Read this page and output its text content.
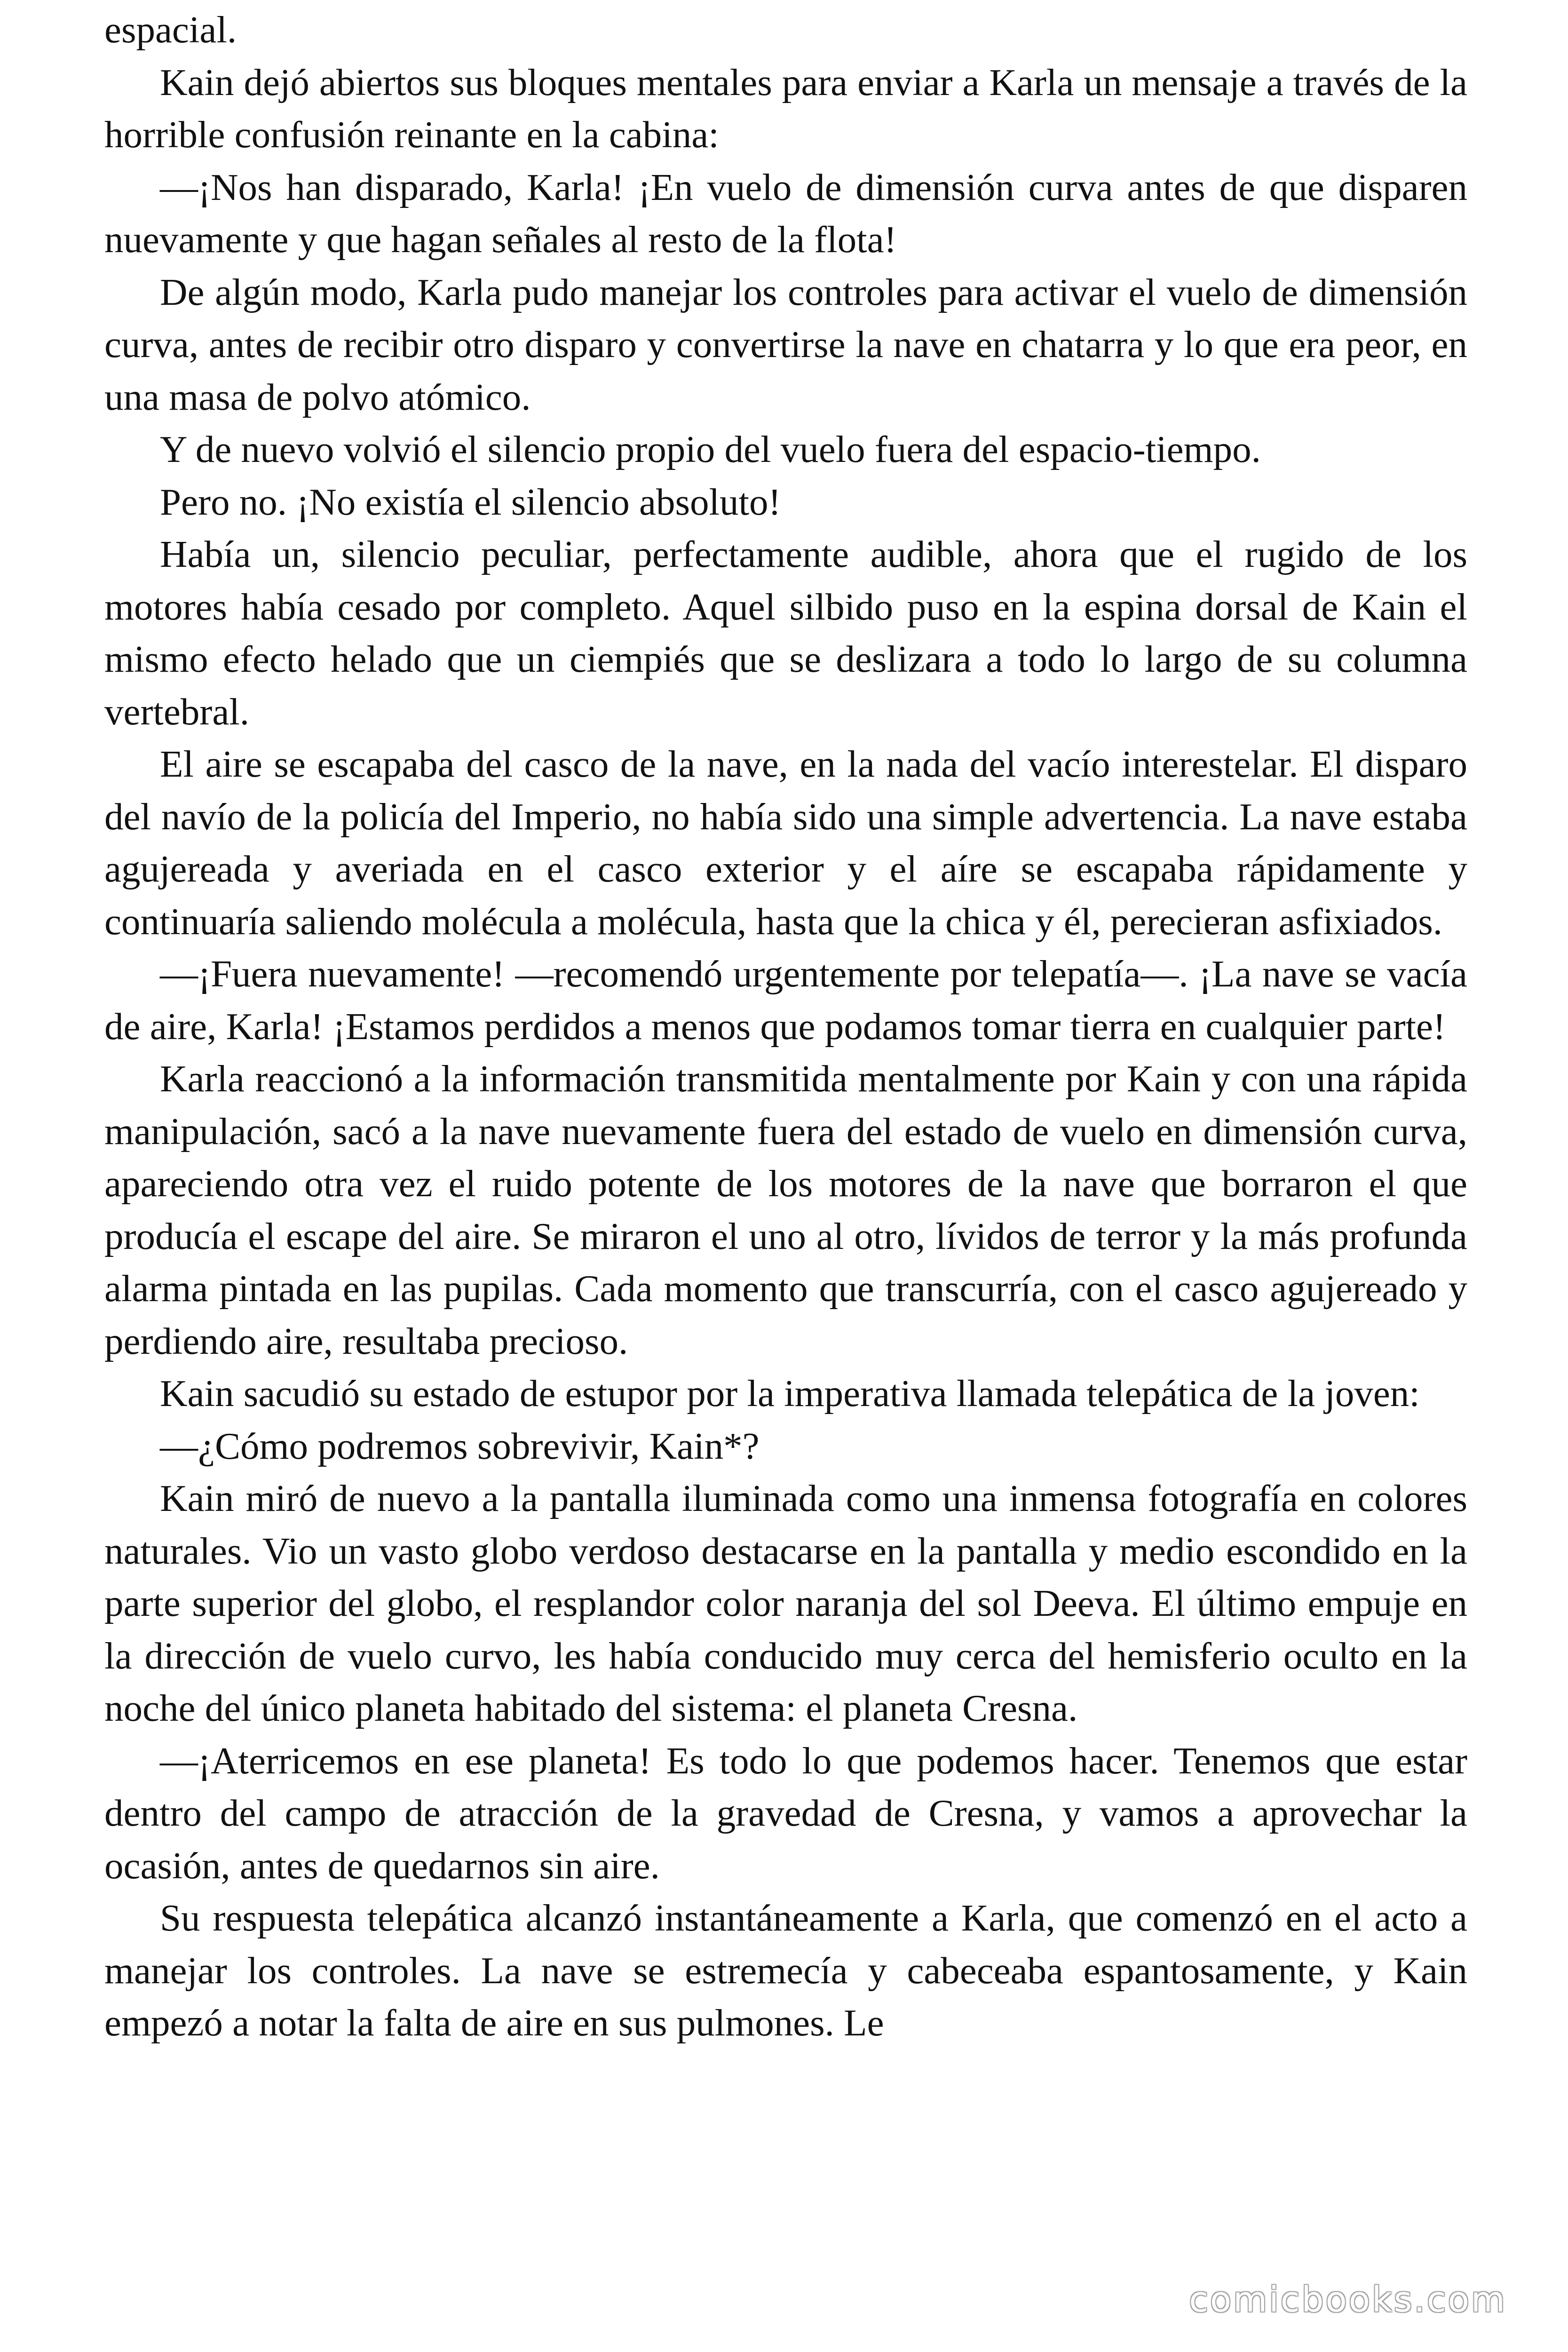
espacial.

Kain dejó abiertos sus bloques mentales para enviar a Karla un mensaje a través de la horrible confusión reinante en la cabina:

—¡Nos han disparado, Karla! ¡En vuelo de dimensión curva antes de que disparen nuevamente y que hagan señales al resto de la flota!

De algún modo, Karla pudo manejar los controles para activar el vuelo de dimensión curva, antes de recibir otro disparo y convertirse la nave en chatarra y lo que era peor, en una masa de polvo atómico.

Y de nuevo volvió el silencio propio del vuelo fuera del espacio-tiempo.

Pero no. ¡No existía el silencio absoluto!

Había un, silencio peculiar, perfectamente audible, ahora que el rugido de los motores había cesado por completo. Aquel silbido puso en la espina dorsal de Kain el mismo efecto helado que un ciempiés que se deslizara a todo lo largo de su columna vertebral.

El aire se escapaba del casco de la nave, en la nada del vacío interestelar. El disparo del navío de la policía del Imperio, no había sido una simple advertencia. La nave estaba agujereada y averiada en el casco exterior y el aíre se escapaba rápidamente y continuaría saliendo molécula a molécula, hasta que la chica y él, perecieran asfixiados.

—¡Fuera nuevamente! —recomendó urgentemente por telepatía—. ¡La nave se vacía de aire, Karla! ¡Estamos perdidos a menos que podamos tomar tierra en cualquier parte!

Karla reaccionó a la información transmitida mentalmente por Kain y con una rápida manipulación, sacó a la nave nuevamente fuera del estado de vuelo en dimensión curva, apareciendo otra vez el ruido potente de los motores de la nave que borraron el que producía el escape del aire. Se miraron el uno al otro, lívidos de terror y la más profunda alarma pintada en las pupilas. Cada momento que transcurría, con el casco agujereado y perdiendo aire, resultaba precioso.

Kain sacudió su estado de estupor por la imperativa llamada telepática de la joven:

—¿Cómo podremos sobrevivir, Kain*?

Kain miró de nuevo a la pantalla iluminada como una inmensa fotografía en colores naturales. Vio un vasto globo verdoso destacarse en la pantalla y medio escondido en la parte superior del globo, el resplandor color naranja del sol Deeva. El último empuje en la dirección de vuelo curvo, les había conducido muy cerca del hemisferio oculto en la noche del único planeta habitado del sistema: el planeta Cresna.

—¡Aterricemos en ese planeta! Es todo lo que podemos hacer. Tenemos que estar dentro del campo de atracción de la gravedad de Cresna, y vamos a aprovechar la ocasión, antes de quedarnos sin aire.

Su respuesta telepática alcanzó instantáneamente a Karla, que comenzó en el acto a manejar los controles. La nave se estremecía y cabeceaba espantosamente, y Kain empezó a notar la falta de aire en sus pulmones. Le

comicbooks.com
